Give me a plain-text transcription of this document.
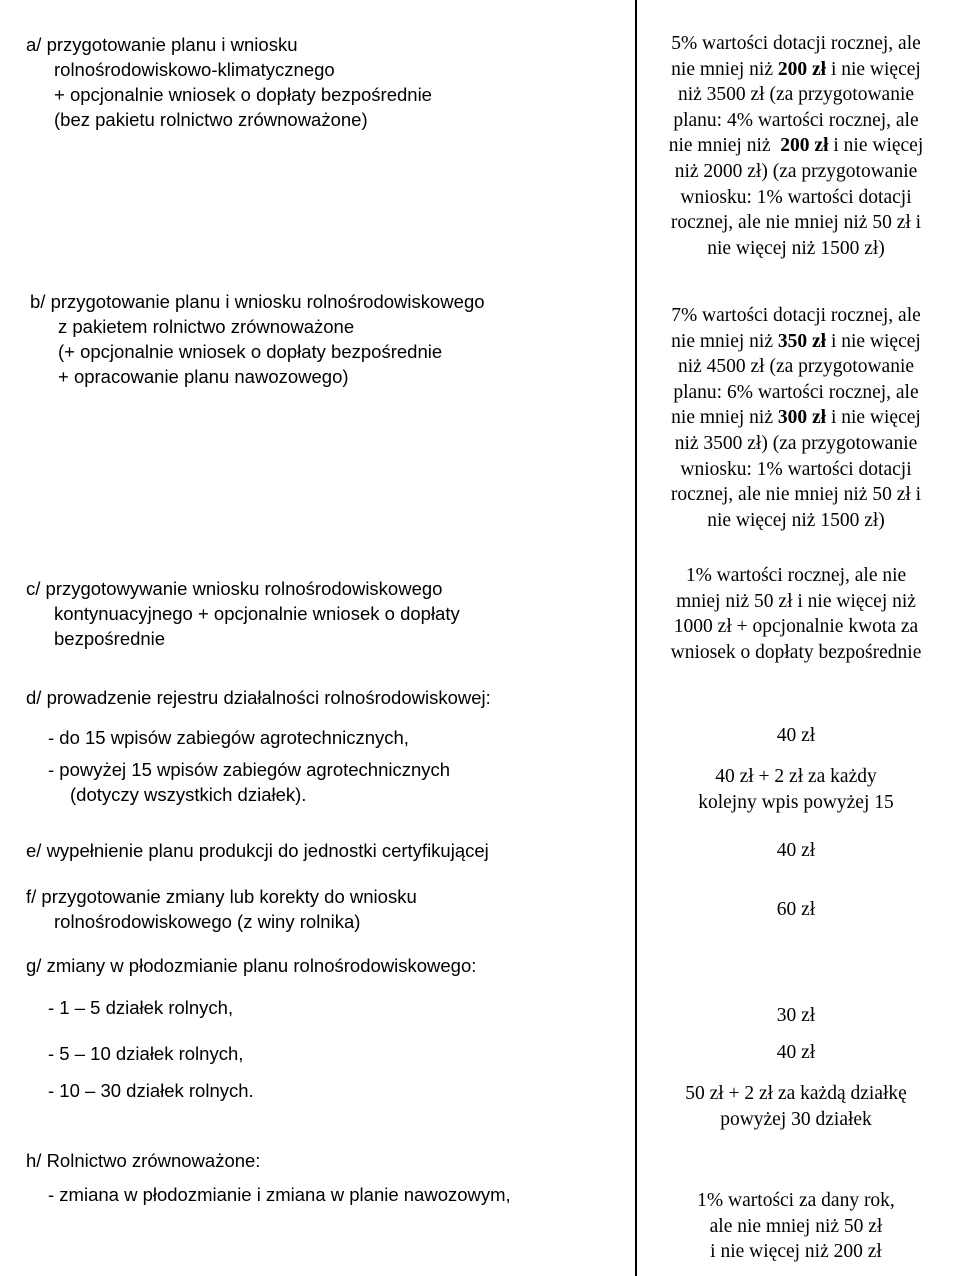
a/ przygotowanie planu i wniosku
rolnośrodowiskowo-klimatycznego
+ opcjonalnie wniosek o dopłaty bezpośrednie
(bez pakietu rolnictwo zrównoważone)
b/ przygotowanie planu i wniosku rolnośrodowiskowego
z pakietem rolnictwo zrównoważone
(+ opcjonalnie wniosek o dopłaty bezpośrednie
+ opracowanie planu nawozowego)
c/ przygotowywanie wniosku rolnośrodowiskowego
kontynuacyjnego + opcjonalnie wniosek o dopłaty
bezpośrednie
d/ prowadzenie rejestru działalności rolnośrodowiskowej:
- do 15 wpisów zabiegów agrotechnicznych,
- powyżej 15 wpisów zabiegów agrotechnicznych
(dotyczy wszystkich działek).
e/ wypełnienie planu produkcji do jednostki certyfikującej
f/ przygotowanie zmiany lub korekty do wniosku
rolnośrodowiskowego (z winy rolnika)
g/ zmiany w płodozmianie planu rolnośrodowiskowego:
- 1 – 5 działek rolnych,
- 5 – 10 działek rolnych,
- 10 – 30 działek rolnych.
h/ Rolnictwo zrównoważone:
- zmiana w płodozmianie i zmiana w planie nawozowym,
5% wartości dotacji rocznej, ale
nie mniej niż 200 zł i nie więcej
niż 3500 zł (za przygotowanie
planu: 4% wartości rocznej, ale
nie mniej niż  200 zł i nie więcej
niż 2000 zł) (za przygotowanie
wniosku: 1% wartości dotacji
rocznej, ale nie mniej niż 50 zł i
nie więcej niż 1500 zł)
7% wartości dotacji rocznej, ale
nie mniej niż 350 zł i nie więcej
niż 4500 zł (za przygotowanie
planu: 6% wartości rocznej, ale
nie mniej niż 300 zł i nie więcej
niż 3500 zł) (za przygotowanie
wniosku: 1% wartości dotacji
rocznej, ale nie mniej niż 50 zł i
nie więcej niż 1500 zł)
1% wartości rocznej, ale nie
mniej niż 50 zł i nie więcej niż
1000 zł + opcjonalnie kwota za
wniosek o dopłaty bezpośrednie
40 zł
40 zł + 2 zł za każdy
kolejny wpis powyżej 15
40 zł
60 zł
30 zł
40 zł
50 zł + 2 zł za każdą działkę
powyżej 30 działek
1% wartości za dany rok,
ale nie mniej niż 50 zł
i nie więcej niż 200 zł
